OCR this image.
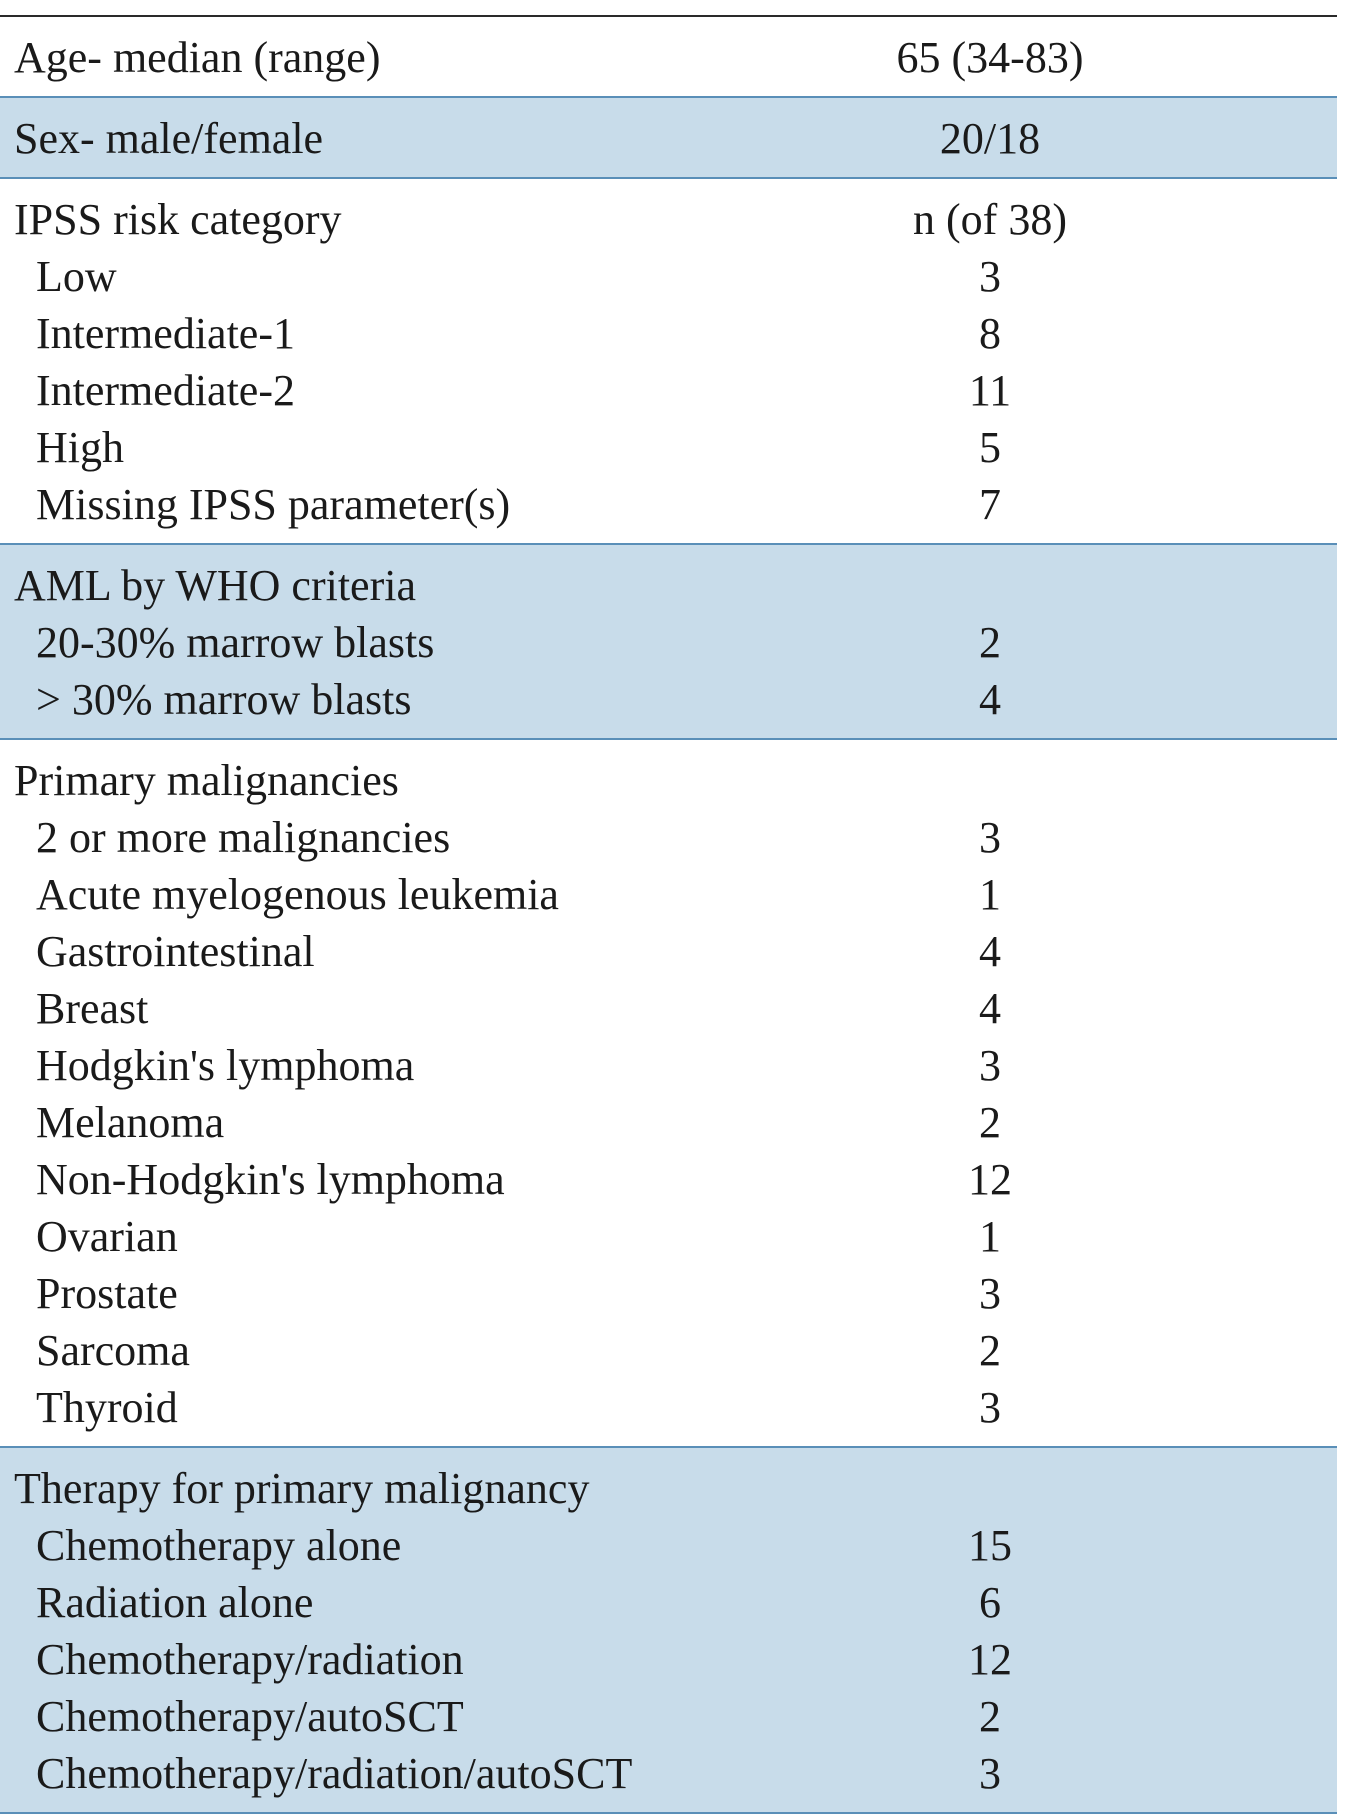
Age- median (range)	65 (34-83)
Sex- male/female	20/18
IPSS risk category	n (of 38)
Low	3
Intermediate-1	8
Intermediate-2	11
High	5
Missing IPSS parameter(s)	7
AML by WHO criteria
20-30% marrow blasts	2
> 30% marrow blasts	4
Primary malignancies
2 or more malignancies	3
Acute myelogenous leukemia	1
Gastrointestinal	4
Breast	4
Hodgkin's lymphoma	3
Melanoma	2
Non-Hodgkin's lymphoma	12
Ovarian	1
Prostate	3
Sarcoma	2
Thyroid	3
Therapy for primary malignancy
Chemotherapy alone	15
Radiation alone	6
Chemotherapy/radiation	12
Chemotherapy/autoSCT	2
Chemotherapy/radiation/autoSCT	3
